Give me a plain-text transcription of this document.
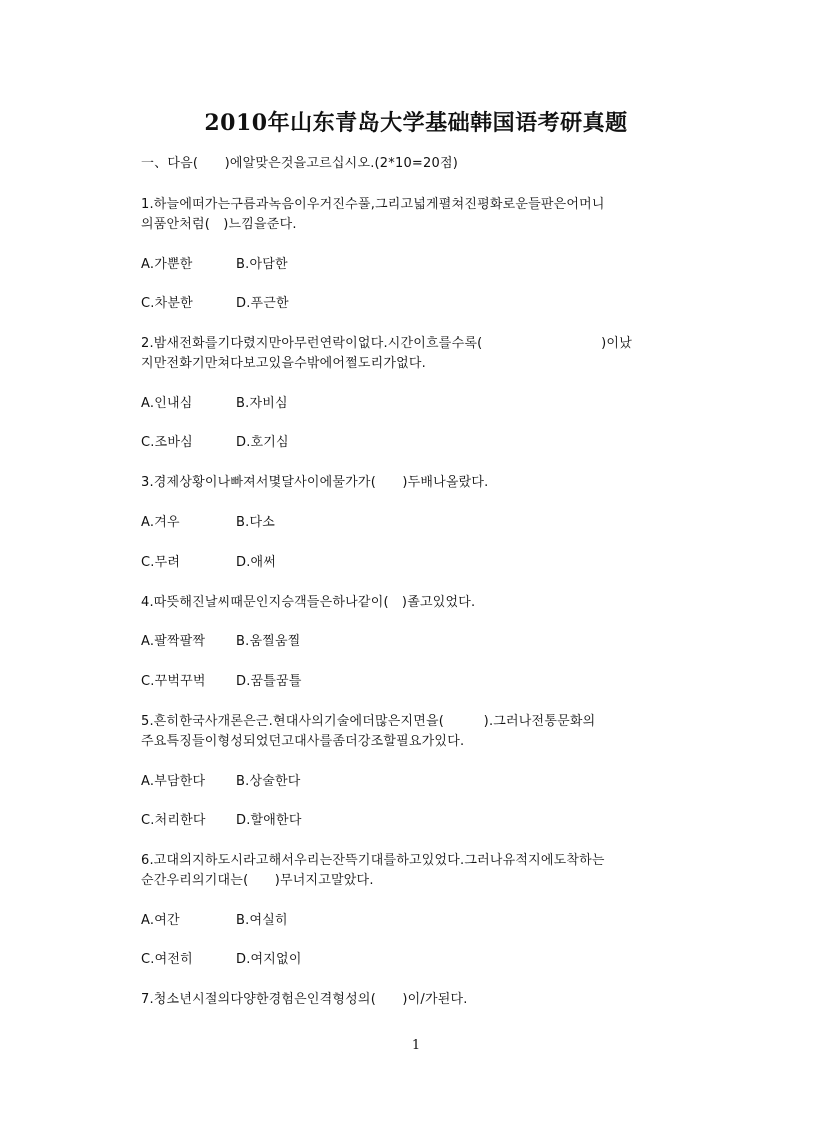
2010年山东青岛大学基础韩国语考研真题
一、다음(　　)에알맞은것을고르십시오.(2*10=20점)
1.하늘에떠가는구름과녹음이우거진수풀,그리고넓게펼쳐진평화로운들판은어머니
의품안처럼(　)느낌을준다.
A.가뿐한	B.아담한
C.차분한	D.푸근한
2.밤새전화를기다렸지만아무런연락이없다.시간이흐를수록(　　　　　　　　　)이났
지만전화기만쳐다보고있을수밖에어쩔도리가없다.
A.인내심	B.자비심
C.조바심	D.호기심
3.경제상황이나빠져서몇달사이에물가가(　　)두배나올랐다.
A.겨우	B.다소
C.무려	D.애써
4.따뜻해진날씨때문인지승객들은하나같이(　)졸고있었다.
A.팔짝팔짝 B.움찔움찔
C.꾸벅꾸벅 D.꿈틀꿈틀
5.흔히한국사개론은근.현대사의기술에더많은지면을(　　　).그러나전통문화의
주요특징들이형성되었던고대사를좀더강조할필요가있다.
A.부담한다 B.상술한다
C.처리한다 D.할애한다
6.고대의지하도시라고해서우리는잔뜩기대를하고있었다.그러나유적지에도착하는
순간우리의기대는(　　)무너지고말았다.
A.여간	B.여실히
C.여전히	D.여지없이
7.청소년시절의다양한경험은인격형성의(　　)이/가된다.
1
